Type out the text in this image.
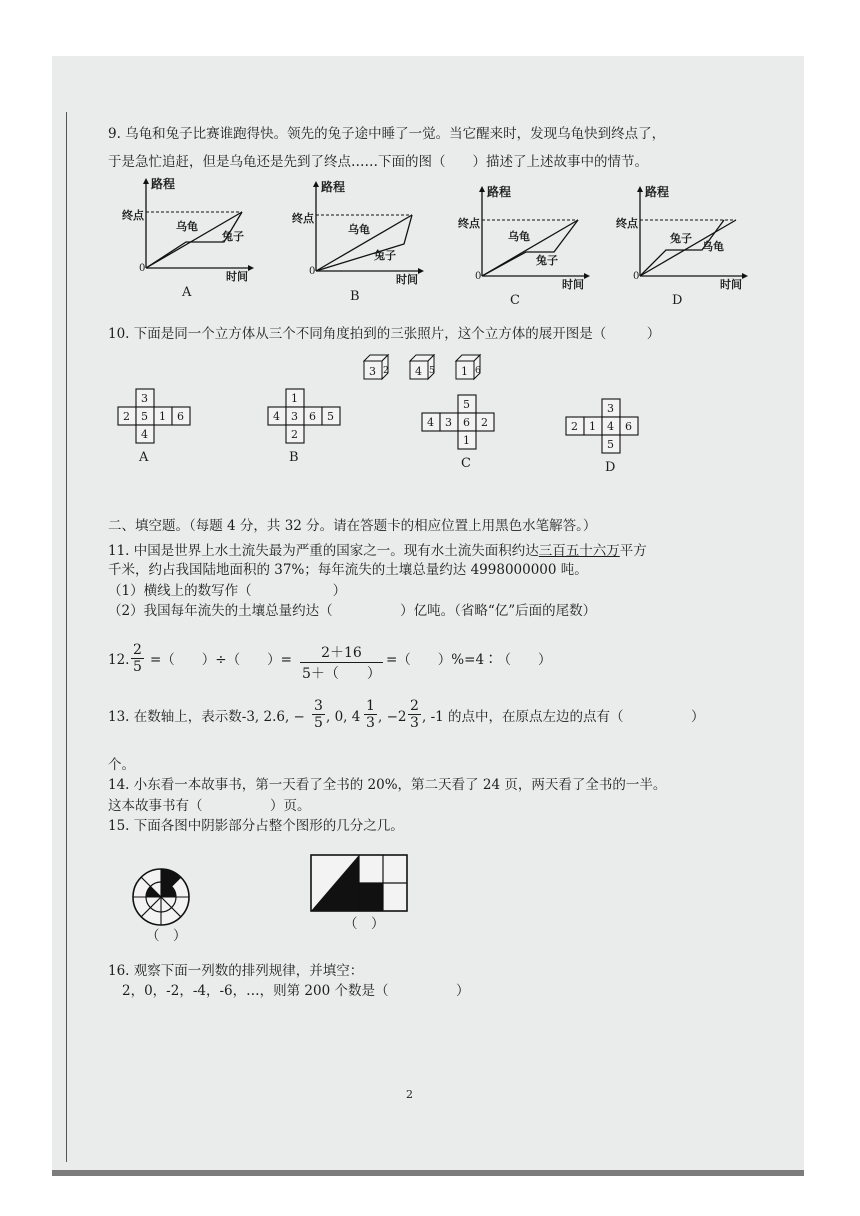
9. 乌龟和兔子比赛谁跑得快。领先的兔子途中睡了一觉。当它醒来时，发现乌龟快到终点了，
于是急忙追赶，但是乌龟还是先到了终点……下面的图（　　）描述了上述故事中的情节。
路程
时间
终点
0
乌龟
兔子
A
路程
时间
终点
0
乌龟
兔子
B
路程
时间
终点
0
乌龟
兔子
C
路程
时间
终点
0
乌龟
兔子
D
10. 下面是同一个立方体从三个不同角度拍到的三张照片，这个立方体的展开图是（　　　）
3 2 4 5 1 6
3
2 5 1 6
4
A
1
4 3 6 5
2
B
5
4 3 6 2
1
C
3
2 1 4 6
5
D
二、填空题。（每题 4 分，共 32 分。请在答题卡的相应位置上用黑色水笔解答。）
11. 中国是世界上水土流失最为严重的国家之一。现有水土流失面积约达三百五十六万平方
千米，约占我国陆地面积的 37%；每年流失的土壤总量约达 4998000000 吨。
（1）横线上的数写作（　　　　　　）
（2）我国每年流失的土壤总量约达（　　　　　）亿吨。（省略“亿”后面的尾数）
12. $\frac{2}{5}$ =（　　）÷（　　）= $\frac{2+16}{5+( )}$ =（　　）%=4∶（　　）
13. 在数轴上，表示数-3, 2.6, − $\frac{3}{5}$ , 0, $4 \frac{1}{3}$ , $-2 \frac{2}{3}$ , -1 的点中，在原点左边的点有（　　　　　）
个。
14. 小东看一本故事书，第一天看了全书的 20%，第二天看了 24 页，两天看了全书的一半。
这本故事书有（　　　　　）页。
15. 下面各图中阴影部分占整个图形的几分之几。
（　）
（　）
16. 观察下面一列数的排列规律，并填空：
2，0，-2，-4，-6，…，则第 200 个数是（　　　　　）
2
